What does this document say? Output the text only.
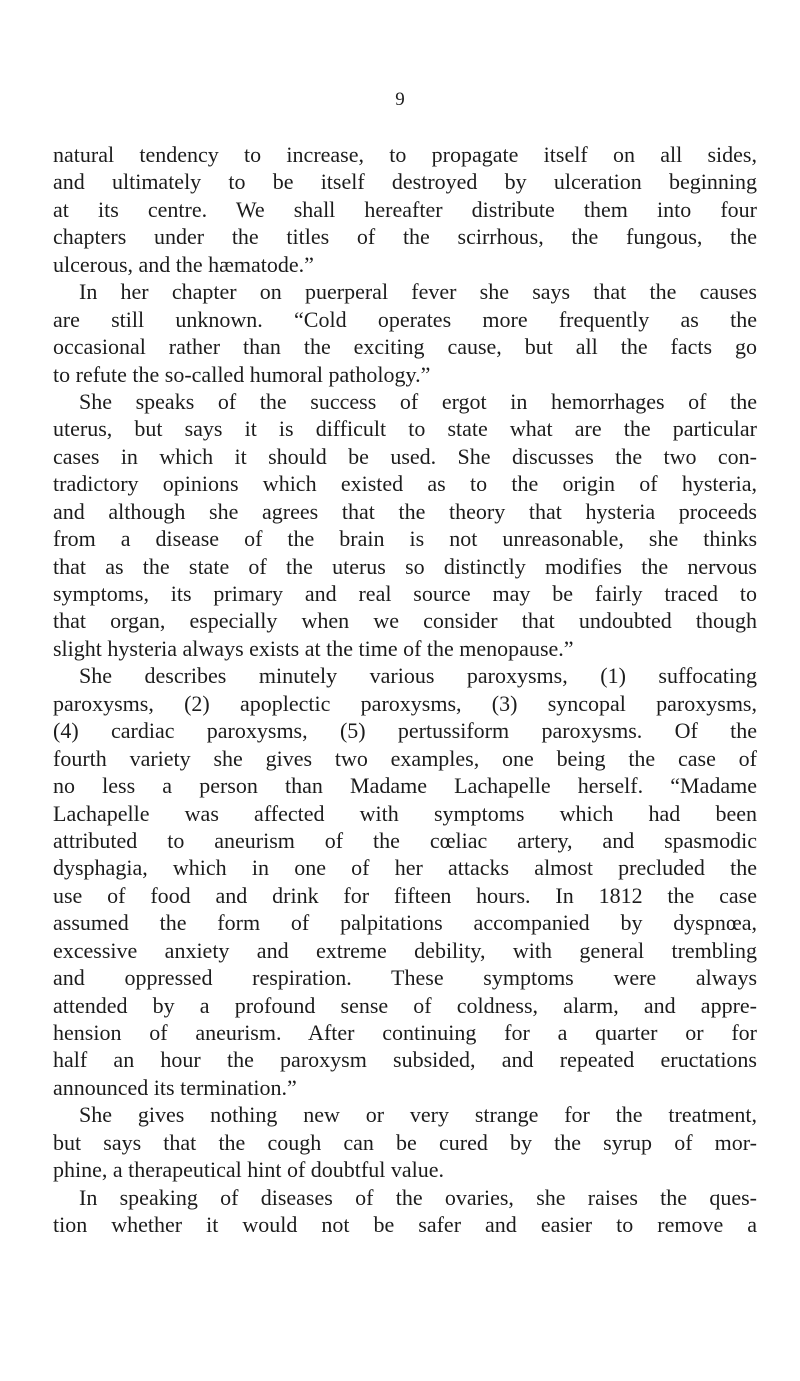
9
natural tendency to increase, to propagate itself on all sides,
and ultimately to be itself destroyed by ulceration beginning
at its centre. We shall hereafter distribute them into four
chapters under the titles of the scirrhous, the fungous, the
ulcerous, and the hæmatode.”
In her chapter on puerperal fever she says that the causes
are still unknown. “Cold operates more frequently as the
occasional rather than the exciting cause, but all the facts go
to refute the so-called humoral pathology.”
She speaks of the success of ergot in hemorrhages of the
uterus, but says it is difficult to state what are the particular
cases in which it should be used. She discusses the two con-
tradictory opinions which existed as to the origin of hysteria,
and although she agrees that the theory that hysteria proceeds
from a disease of the brain is not unreasonable, she thinks
that as the state of the uterus so distinctly modifies the nervous
symptoms, its primary and real source may be fairly traced to
that organ, especially when we consider that undoubted though
slight hysteria always exists at the time of the menopause.”
She describes minutely various paroxysms, (1) suffocating
paroxysms, (2) apoplectic paroxysms, (3) syncopal paroxysms,
(4) cardiac paroxysms, (5) pertussiform paroxysms. Of the
fourth variety she gives two examples, one being the case of
no less a person than Madame Lachapelle herself. “Madame
Lachapelle was affected with symptoms which had been
attributed to aneurism of the cœliac artery, and spasmodic
dysphagia, which in one of her attacks almost precluded the
use of food and drink for fifteen hours. In 1812 the case
assumed the form of palpitations accompanied by dyspnœa,
excessive anxiety and extreme debility, with general trembling
and oppressed respiration. These symptoms were always
attended by a profound sense of coldness, alarm, and appre-
hension of aneurism. After continuing for a quarter or for
half an hour the paroxysm subsided, and repeated eructations
announced its termination.”
She gives nothing new or very strange for the treatment,
but says that the cough can be cured by the syrup of mor-
phine, a therapeutical hint of doubtful value.
In speaking of diseases of the ovaries, she raises the ques-
tion whether it would not be safer and easier to remove a
